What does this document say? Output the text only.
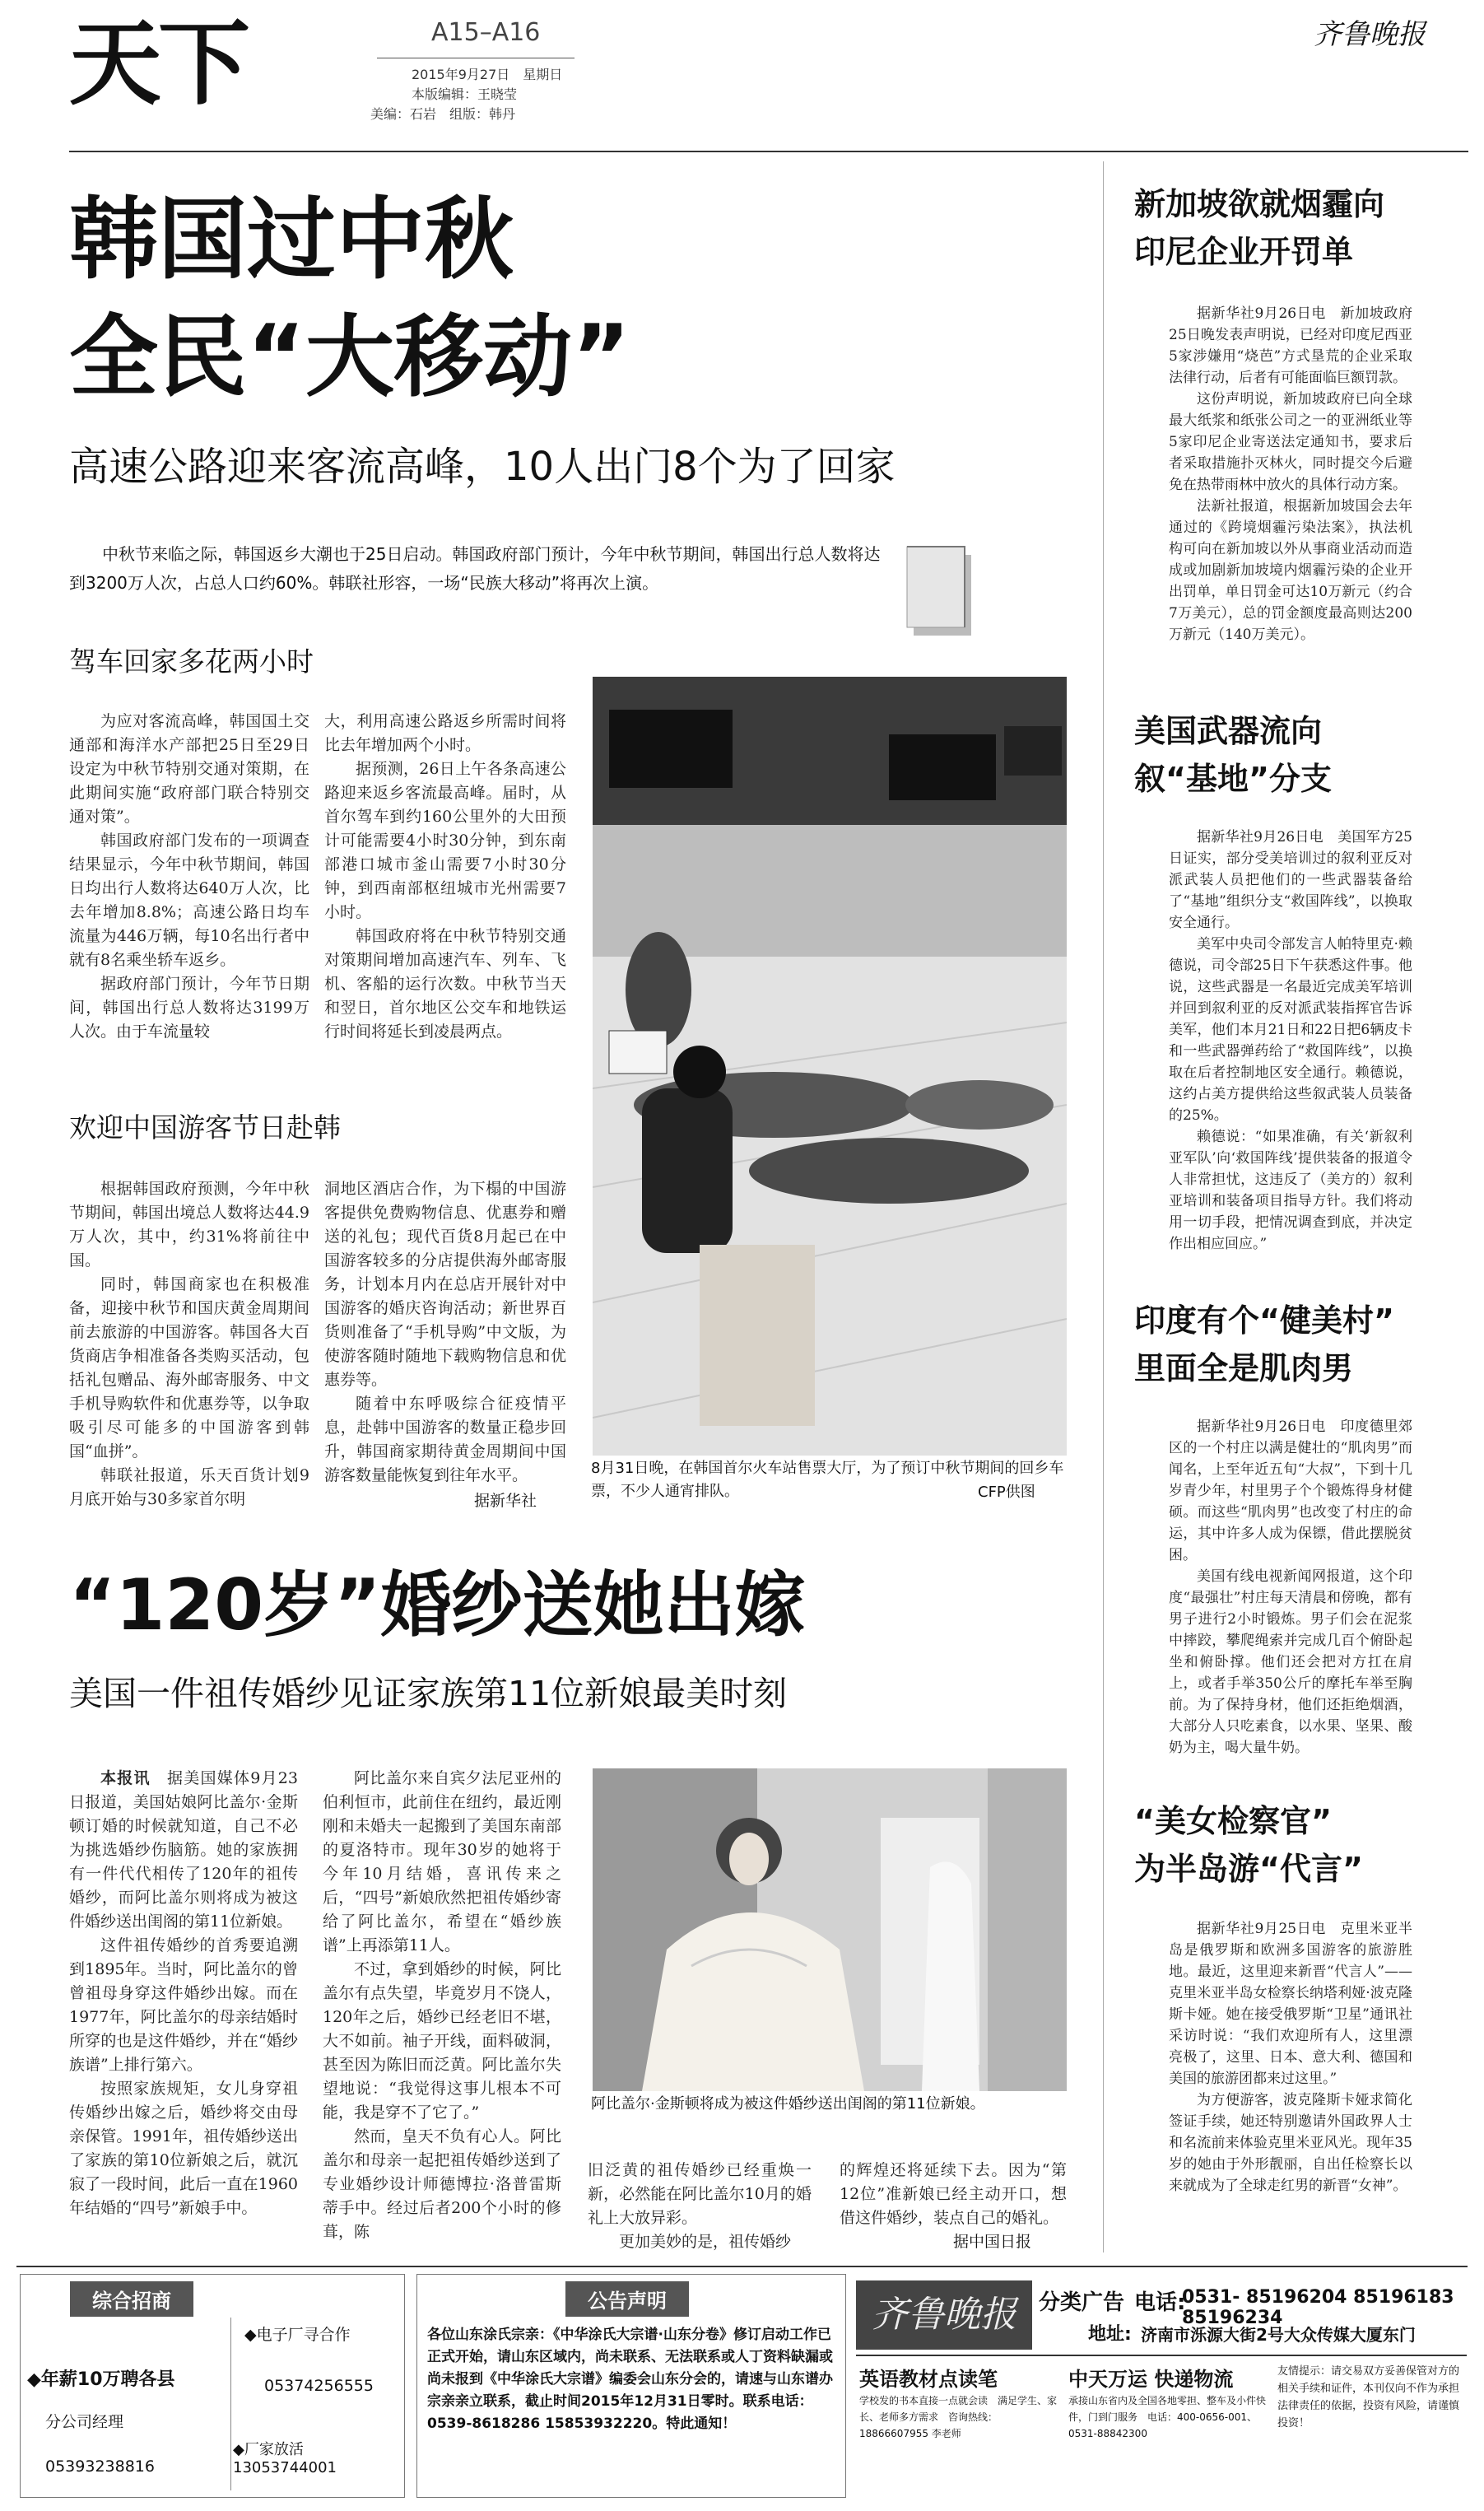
天下	A15–A16
2015年9月27日　星期日
本版编辑：王晓莹
美编：石岩　组版：韩丹
齐鲁晚报
韩国过中秋
全民“大移动”
高速公路迎来客流高峰，10人出门8个为了回家
中秋节来临之际，韩国返乡大潮也于25日启动。韩国政府部门预计，今年中秋节期间，韩国出行总人数将达到3200万人次，占总人口约60%。韩联社形容，一场“民族大移动”将再次上演。
驾车回家多花两小时

为应对客流高峰，韩国国土交通部和海洋水产部把25日至29日设定为中秋节特别交通对策期，在此期间实施“政府部门联合特别交通对策”。

韩国政府部门发布的一项调查结果显示，今年中秋节期间，韩国日均出行人数将达640万人次，比去年增加8.8%；高速公路日均车流量为446万辆，每10名出行者中就有8名乘坐轿车返乡。

据政府部门预计，今年节日期间，韩国出行总人数将达3199万人次。由于车流量较

大，利用高速公路返乡所需时间将比去年增加两个小时。

据预测，26日上午各条高速公路迎来返乡客流最高峰。届时，从首尔驾车到约160公里外的大田预计可能需要4小时30分钟，到东南部港口城市釜山需要7小时30分钟，到西南部枢纽城市光州需要7小时。

韩国政府将在中秋节特别交通对策期间增加高速汽车、列车、飞机、客船的运行次数。中秋节当天和翌日，首尔地区公交车和地铁运行时间将延长到凌晨两点。

欢迎中国游客节日赴韩

根据韩国政府预测，今年中秋节期间，韩国出境总人数将达44.9万人次，其中，约31%将前往中国。

同时，韩国商家也在积极准备，迎接中秋节和国庆黄金周期间前去旅游的中国游客。韩国各大百货商店争相准备各类购买活动，包括礼包赠品、海外邮寄服务、中文手机导购软件和优惠券等，以争取吸引尽可能多的中国游客到韩国“血拼”。

韩联社报道，乐天百货计划9月底开始与30多家首尔明

洞地区酒店合作，为下榻的中国游客提供免费购物信息、优惠券和赠送的礼包；现代百货8月起已在中国游客较多的分店提供海外邮寄服务，计划本月内在总店开展针对中国游客的婚庆咨询活动；新世界百货则准备了“手机导购”中文版，为使游客随时随地下载购物信息和优惠券等。

随着中东呼吸综合征疫情平息，赴韩中国游客的数量正稳步回升，韩国商家期待黄金周期间中国游客数量能恢复到往年水平。

据新华社
8月31日晚，在韩国首尔火车站售票大厅，为了预订中秋节期间的回乡车票，不少人通宵排队。	CFP供图
“120岁”婚纱送她出嫁
美国一件祖传婚纱见证家族第11位新娘最美时刻

本报讯　 据美国媒体9月23日报道，美国姑娘阿比盖尔·金斯顿订婚的时候就知道，自己不必为挑选婚纱伤脑筋。她的家族拥有一件代代相传了120年的祖传婚纱，而阿比盖尔则将成为被这件婚纱送出闺阁的第11位新娘。

这件祖传婚纱的首秀要追溯到1895年。当时，阿比盖尔的曾曾祖母身穿这件婚纱出嫁。而在1977年，阿比盖尔的母亲结婚时所穿的也是这件婚纱，并在“婚纱族谱”上排行第六。

按照家族规矩，女儿身穿祖传婚纱出嫁之后，婚纱将交由母亲保管。1991年，祖传婚纱送出了家族的第10位新娘之后，就沉寂了一段时间，此后一直在1960年结婚的“四号”新娘手中。

阿比盖尔来自宾夕法尼亚州的伯利恒市，此前住在纽约，最近刚刚和未婚夫一起搬到了美国东南部的夏洛特市。现年30岁的她将于今年10月结婚，喜讯传来之后，“四号”新娘欣然把祖传婚纱寄给了阿比盖尔，希望在“婚纱族谱”上再添第11人。

不过，拿到婚纱的时候，阿比盖尔有点失望，毕竟岁月不饶人，120年之后，婚纱已经老旧不堪，大不如前。袖子开线，面料破洞，甚至因为陈旧而泛黄。阿比盖尔失望地说：“我觉得这事儿根本不可能，我是穿不了它了。”

然而，皇天不负有心人。阿比盖尔和母亲一起把祖传婚纱送到了专业婚纱设计师德博拉·洛普雷斯蒂手中。经过后者200个小时的修葺，陈

阿比盖尔·金斯顿将成为被这件婚纱送出闺阁的第11位新娘。

旧泛黄的祖传婚纱已经重焕一新，必然能在阿比盖尔10月的婚礼上大放异彩。

更加美妙的是，祖传婚纱

的辉煌还将延续下去。因为“第12位”准新娘已经主动开口，想借这件婚纱，装点自己的婚礼。

据中国日报
新加坡欲就烟霾向
印尼企业开罚单

据新华社9月26日电　新加坡政府25日晚发表声明说，已经对印度尼西亚5家涉嫌用“烧芭”方式垦荒的企业采取法律行动，后者有可能面临巨额罚款。

这份声明说，新加坡政府已向全球最大纸浆和纸张公司之一的亚洲纸业等5家印尼企业寄送法定通知书，要求后者采取措施扑灭林火，同时提交今后避免在热带雨林中放火的具体行动方案。

法新社报道，根据新加坡国会去年通过的《跨境烟霾污染法案》，执法机构可向在新加坡以外从事商业活动而造成或加剧新加坡境内烟霾污染的企业开出罚单，单日罚金可达10万新元（约合7万美元），总的罚金额度最高则达200万新元（140万美元）。

美国武器流向
叙“基地”分支

据新华社9月26日电　美国军方25日证实，部分受美培训过的叙利亚反对派武装人员把他们的一些武器装备给了“基地”组织分支“救国阵线”，以换取安全通行。

美军中央司令部发言人帕特里克·赖德说，司令部25日下午获悉这件事。他说，这些武器是一名最近完成美军培训并回到叙利亚的反对派武装指挥官告诉美军，他们本月21日和22日把6辆皮卡和一些武器弹药给了“救国阵线”，以换取在后者控制地区安全通行。赖德说，这约占美方提供给这些叙武装人员装备的25%。

赖德说：“如果准确，有关‘新叙利亚军队’向‘救国阵线’提供装备的报道令人非常担忧，这违反了（美方的）叙利亚培训和装备项目指导方针。我们将动用一切手段，把情况调查到底，并决定作出相应回应。”

印度有个“健美村”
里面全是肌肉男

据新华社9月26日电　印度德里郊区的一个村庄以满是健壮的“肌肉男”而闻名，上至年近五旬“大叔”，下到十几岁青少年，村里男子个个锻炼得身材健硕。而这些“肌肉男”也改变了村庄的命运，其中许多人成为保镖，借此摆脱贫困。

美国有线电视新闻网报道，这个印度“最强壮”村庄每天清晨和傍晚，都有男子进行2小时锻炼。男子们会在泥浆中摔跤，攀爬绳索并完成几百个俯卧起坐和俯卧撑。他们还会把对方扛在肩上，或者手举350公斤的摩托车举至胸前。为了保持身材，他们还拒绝烟酒，大部分人只吃素食，以水果、坚果、酸奶为主，喝大量牛奶。

“美女检察官”
为半岛游“代言”

据新华社9月25日电　克里米亚半岛是俄罗斯和欧洲多国游客的旅游胜地。最近，这里迎来新晋“代言人”——克里米亚半岛女检察长纳塔利娅·波克隆斯卡娅。她在接受俄罗斯“卫星”通讯社采访时说：“我们欢迎所有人，这里漂亮极了，这里、日本、意大利、德国和美国的旅游团都来过这里。”

为方便游客，波克隆斯卡娅求简化签证手续，她还特别邀请外国政界人士和名流前来体验克里米亚风光。现年35岁的她由于外形靓丽，自出任检察长以来就成为了全球走红男的新晋“女神”。

综合招商
◆年薪10万聘各县
分公司经理
05393238816
◆电子厂寻合作
05374256555
◆厂家放活13053744001
公告声明
各位山东涂氏宗亲：《中华涂氏大宗谱·山东分卷》修订启动工作已正式开始，请山东区域内，尚未联系、无法联系或人丁资料缺漏或尚未报到《中华涂氏大宗谱》编委会山东分会的，请速与山东谱办宗亲亲立联系，截止时间2015年12月31日零时。联系电话：0539-8618286 15853932220。特此通知！
齐鲁晚报	分类广告 电话:
0531- 85196204 85196183 85196234
地址: 济南市泺源大街2号大众传媒大厦东门
英语教材点读笔
学校发的书本直接一点就会读　满足学生、家长、老师多方需求　咨询热线：18866607955 李老师
中天万运 快递物流
承接山东省内及全国各地零担、整车及小件快件，门到门服务　电话：400-0656-001、0531-88842300
友情提示：请交易双方妥善保管对方的相关手续和证件，本刊仅向不作为承担法律责任的依据，投资有风险，请谨慎投资！
